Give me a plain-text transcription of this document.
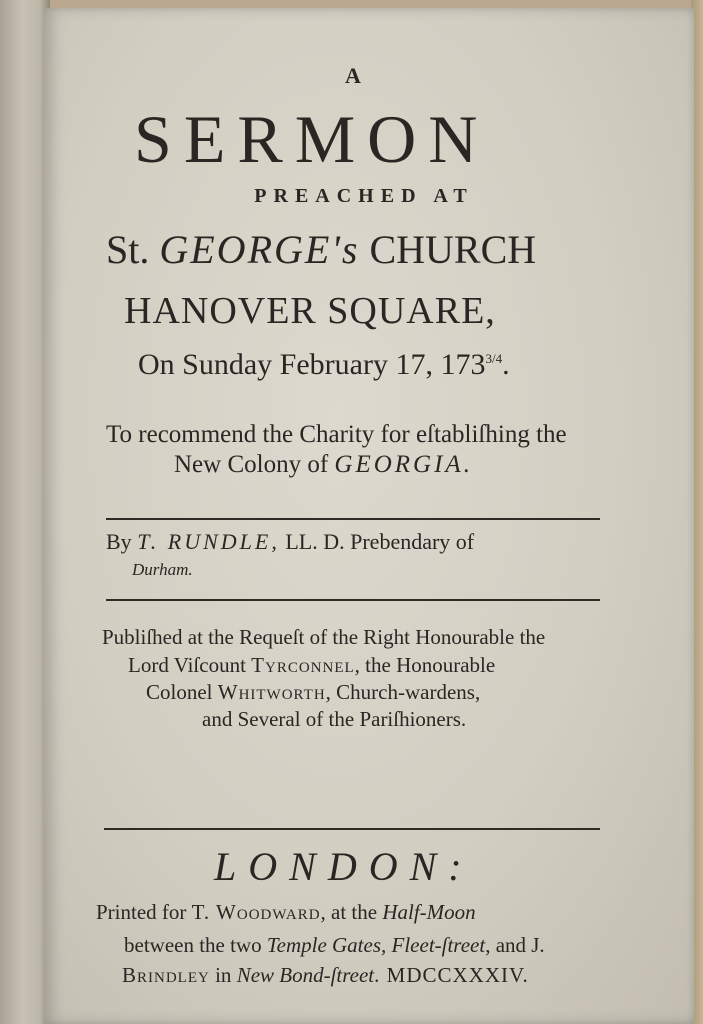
A
SERMON
PREACHED AT
St. GEORGE's CHURCH
HANOVER SQUARE,
On Sunday February 17, $173^{3/4}$.
To recommend the Charity for eſtabliſhing the
New Colony of GEORGIA.
By T. RUNDLE, LL. D. Prebendary of
Durham.
Publiſhed at the Requeſt of the Right Honourable the
Lord Viſcount Tyrconnel, the Honourable
Colonel Whitworth, Church-wardens,
and Several of the Pariſhioners.
LONDON:
Printed for T. Woodward, at the Half-Moon
between the two Temple Gates, Fleet-ſtreet, and J.
Brindley in New Bond-ſtreet. MDCCXXXIV.
